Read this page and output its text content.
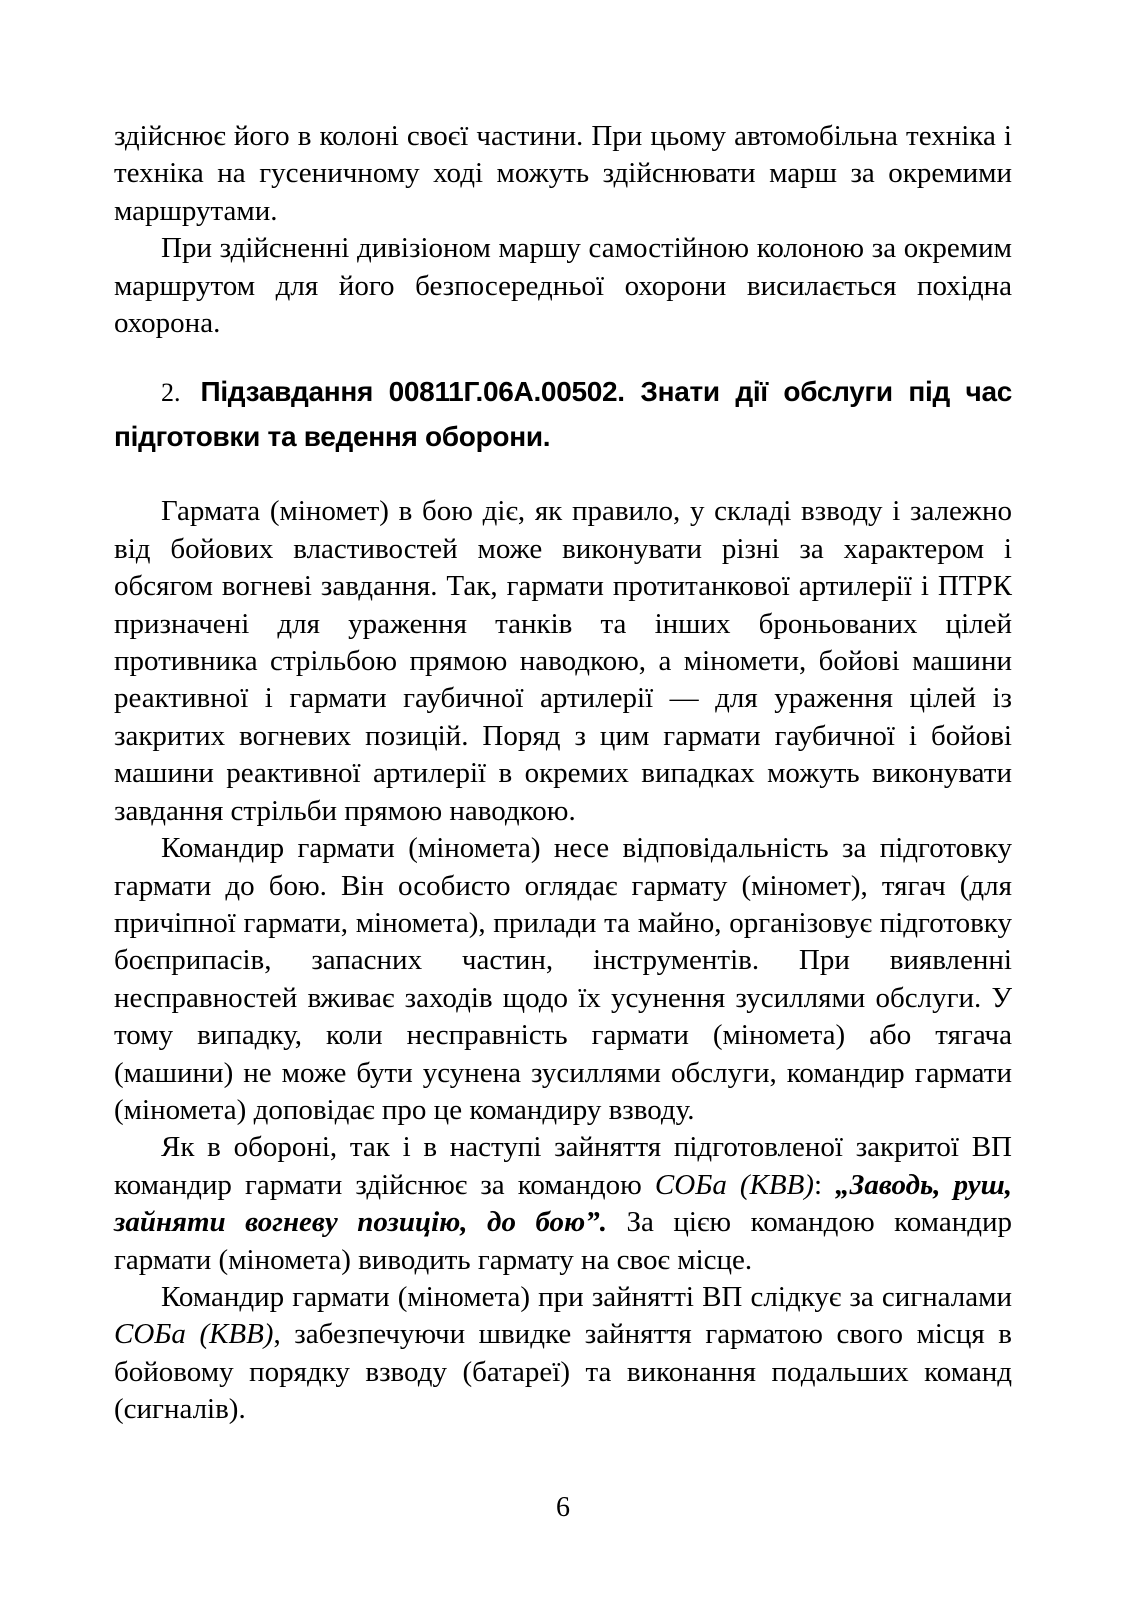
здійснює його в колоні своєї частини. При цьому автомобільна техніка і техніка на гусеничному ході можуть здійснювати марш за окремими маршрутами.

При здійсненні дивізіоном маршу самостійною колоною за окремим маршрутом для його безпосередньої охорони висилається похідна охорона.

2. Підзавдання 00811Г.06А.00502. Знати дії обслуги під час підготовки та ведення оборони.

Гармата (міномет) в бою діє, як правило, у складі взводу і залежно від бойових властивостей може виконувати різні за характером і обсягом вогневі завдання. Так, гармати протитанкової артилерії і ПТРК призначені для ураження танків та інших броньованих цілей противника стрільбою прямою наводкою, а міномети, бойові машини реактивної і гармати гаубичної артилерії — для ураження цілей із закритих вогневих позицій. Поряд з цим гармати гаубичної і бойові машини реактивної артилерії в окремих випадках можуть виконувати завдання стрільби прямою наводкою.

Командир гармати (міномета) несе відповідальність за підготовку гармати до бою. Він особисто оглядає гармату (міномет), тягач (для причіпної гармати, міномета), прилади та майно, організовує підготовку боєприпасів, запасних частин, інструментів. При виявленні несправностей вживає заходів щодо їх усунення зусиллями обслуги. У тому випадку, коли несправність гармати (міномета) або тягача (машини) не може бути усунена зусиллями обслуги, командир гармати (міномета) доповідає про це командиру взводу.

Як в обороні, так і в наступі зайняття підготовленої закритої ВП командир гармати здійснює за командою СОБа (КВВ): „Заводь, руш, зайняти вогневу позицію, до бою”. За цією командою командир гармати (міномета) виводить гармату на своє місце.

Командир гармати (міномета) при зайнятті ВП слідкує за сигналами СОБа (КВВ), забезпечуючи швидке зайняття гарматою свого місця в бойовому порядку взводу (батареї) та виконання подальших команд (сигналів).

6
